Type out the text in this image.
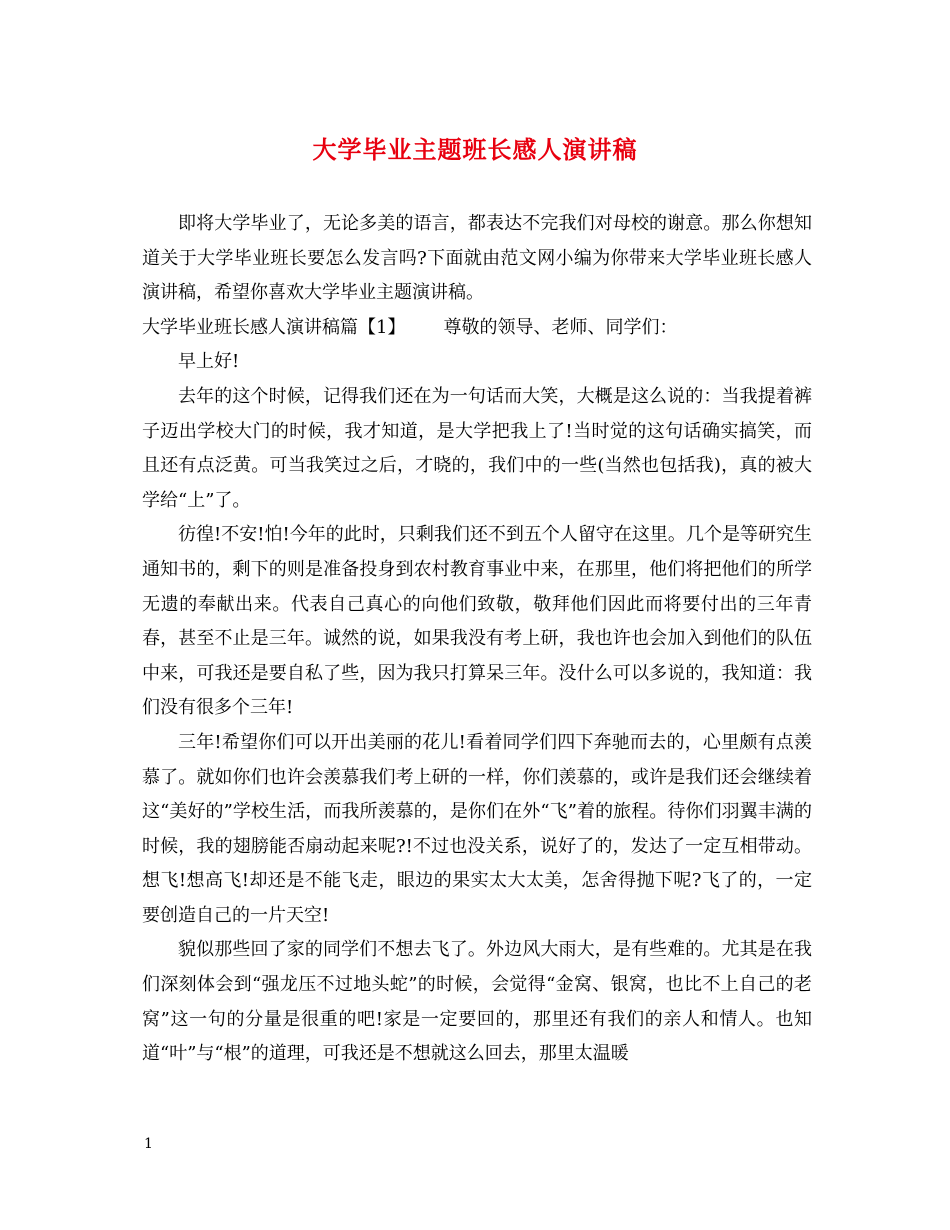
大学毕业主题班长感人演讲稿

即将大学毕业了，无论多美的语言，都表达不完我们对母校的谢意。那么你想知道关于大学毕业班长要怎么发言吗?下面就由范文网小编为你带来大学毕业班长感人演讲稿，希望你喜欢大学毕业主题演讲稿。

大学毕业班长感人演讲稿篇【1】 尊敬的领导、老师、同学们：

早上好!

去年的这个时候，记得我们还在为一句话而大笑，大概是这么说的：当我提着裤子迈出学校大门的时候，我才知道，是大学把我上了!当时觉的这句话确实搞笑，而且还有点泛黄。可当我笑过之后，才晓的，我们中的一些(当然也包括我)，真的被大学给“上”了。

彷徨!不安!怕!今年的此时，只剩我们还不到五个人留守在这里。几个是等研究生通知书的，剩下的则是准备投身到农村教育事业中来，在那里，他们将把他们的所学无遗的奉献出来。代表自己真心的向他们致敬，敬拜他们因此而将要付出的三年青春，甚至不止是三年。诚然的说，如果我没有考上研，我也许也会加入到他们的队伍中来，可我还是要自私了些，因为我只打算呆三年。没什么可以多说的，我知道：我们没有很多个三年!

三年!希望你们可以开出美丽的花儿!看着同学们四下奔驰而去的，心里颇有点羡慕了。就如你们也许会羡慕我们考上研的一样，你们羡慕的，或许是我们还会继续着这“美好的”学校生活，而我所羡慕的，是你们在外“飞”着的旅程。待你们羽翼丰满的时候，我的翅膀能否扇动起来呢?!不过也没关系，说好了的，发达了一定互相带动。想飞!想高飞!却还是不能飞走，眼边的果实太大太美，怎舍得抛下呢?飞了的，一定要创造自己的一片天空!

貌似那些回了家的同学们不想去飞了。外边风大雨大，是有些难的。尤其是在我们深刻体会到“强龙压不过地头蛇”的时候，会觉得“金窝、银窝，也比不上自己的老窝”这一句的分量是很重的吧!家是一定要回的，那里还有我们的亲人和情人。也知道“叶”与“根”的道理，可我还是不想就这么回去，那里太温暖

1
